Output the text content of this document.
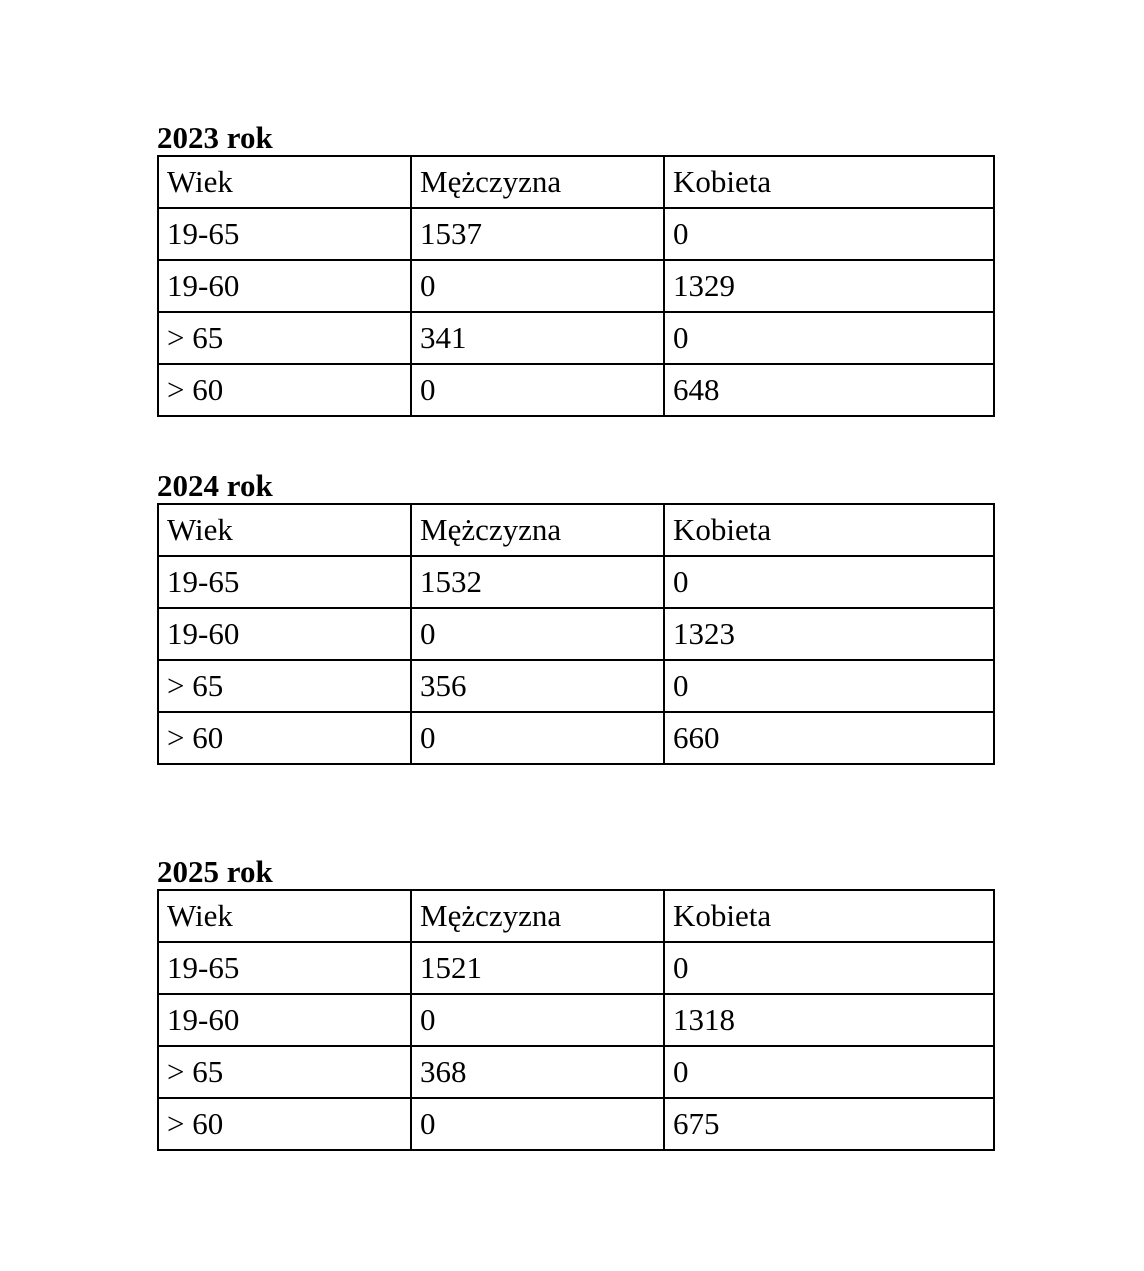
2023 rok
Wiek	Mężczyzna	Kobieta
19-65	1537	0
19-60	0	1329
> 65	341	0
> 60	0	648
2024 rok
Wiek	Mężczyzna	Kobieta
19-65	1532	0
19-60	0	1323
> 65	356	0
> 60	0	660
2025 rok
Wiek	Mężczyzna	Kobieta
19-65	1521	0
19-60	0	1318
> 65	368	0
> 60	0	675
